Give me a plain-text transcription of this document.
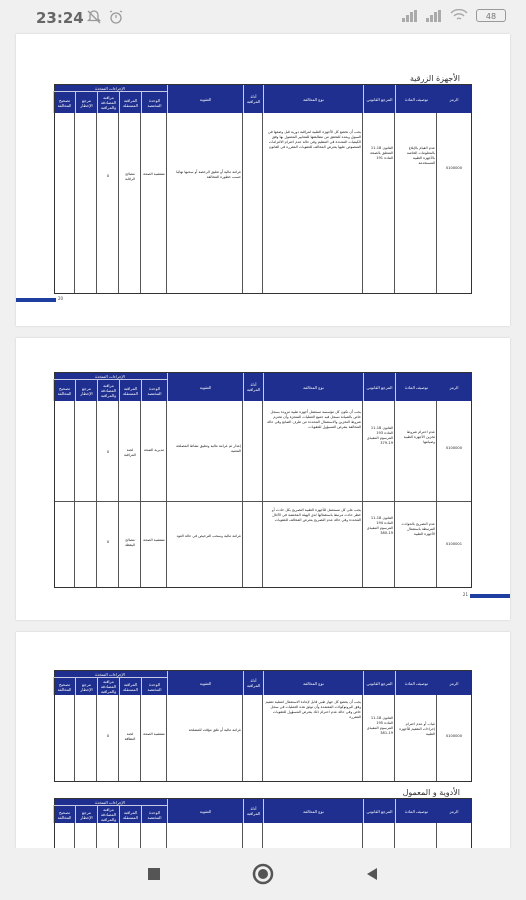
23:24	48
الأجهزة الزرقية
الرمز
توصيف المادة
المرجع القانوني
نوع المخالفة
أداة المراقبة
العقوبة
الإجراءات المتخذة
الوحدة المختصة
المراقبة المستقلة
مراقبة المصادقة والمراقبة
مرجع الإخطار
تصحيح المخالفة
0100000
عدم القيام بالإبلاغ بالمعلومات الخاصة بالأجهزة الطبية المستخدمة
القانون 18-11 المتعلق بالصحة المادة 191
يجب أن تخضع كل الأجهزة الطبية لمراقبة دورية قبل وضعها في السوق وبعده للتحقق من مطابقتها للمعايير المعمول بها وفق الكيفيات المحددة في التنظيم وفي حالة عدم احترام الالتزامات المنصوص عليها يتعرض المخالف للعقوبات المقررة في القانون
غرامة مالية أو تعليق الرخصة أو سحبها نهائيا حسب خطورة المخالفة
مفتشية الصحة
مصالح الرقابة
X
20
الرمز
توصيف المادة
المرجع القانوني
نوع المخالفة
أداة المراقبة
العقوبة
الإجراءات المتخذة
الوحدة المختصة
المراقبة المستقلة
مراقبة المصادقة والمراقبة
مرجع الإخطار
تصحيح المخالفة
0100000
عدم احترام شروط تخزين الأجهزة الطبية وصيانتها
القانون 18-11 المادة 193 المرسوم التنفيذي 19-379
يجب أن تكون كل مؤسسة تستعمل أجهزة طبية مزودة بسجل خاص بالصيانة تسجل فيه جميع العمليات المنجزة وأن تحترم شروط التخزين والاستعمال المحددة من طرف الصانع وفي حالة المخالفة يتعرض المسؤول للعقوبات
إعذار ثم غرامة مالية وتعليق نشاط المصلحة المعنية
مديرية الصحة
لجنة المراقبة
X
0100001
عدم التصريح بالحوادث المرتبطة باستعمال الأجهزة الطبية
القانون 18-11 المادة 194 المرسوم التنفيذي 19-380
يجب على كل مستعمل للأجهزة الطبية التصريح بكل حادث أو خطر حادث مرتبط باستعمالها لدى الهيئة المختصة في الآجال المحددة وفي حالة عدم التصريح يتعرض المخالف للعقوبات
غرامة مالية وسحب الترخيص في حالة العود
مفتشية الصحة
مصالح اليقظة
X
21
الرمز
توصيف المادة
المرجع القانوني
نوع المخالفة
أداة المراقبة
العقوبة
الإجراءات المتخذة
الوحدة المختصة
المراقبة المستقلة
مراقبة المصادقة والمراقبة
مرجع الإخطار
تصحيح المخالفة
0100000
غياب أو عدم احترام إجراءات التعقيم للأجهزة الطبية
القانون 18-11 المادة 195 المرسوم التنفيذي 19-381
يجب أن يخضع كل جهاز طبي قابل لإعادة الاستعمال لعملية تعقيم وفق البروتوكولات المعتمدة وأن توثق هذه العمليات في سجل خاص وفي حالة عدم احترام ذلك يتعرض المسؤول للعقوبات المقررة
غرامة مالية أو غلق مؤقت للمصلحة
مفتشية الصحة
لجنة النظافة
X
الأدوية و المعمول
الرمز
توصيف المادة
المرجع القانوني
نوع المخالفة
أداة المراقبة
العقوبة
الإجراءات المتخذة
الوحدة المختصة
المراقبة المستقلة
مراقبة المصادقة والمراقبة
مرجع الإخطار
تصحيح المخالفة
